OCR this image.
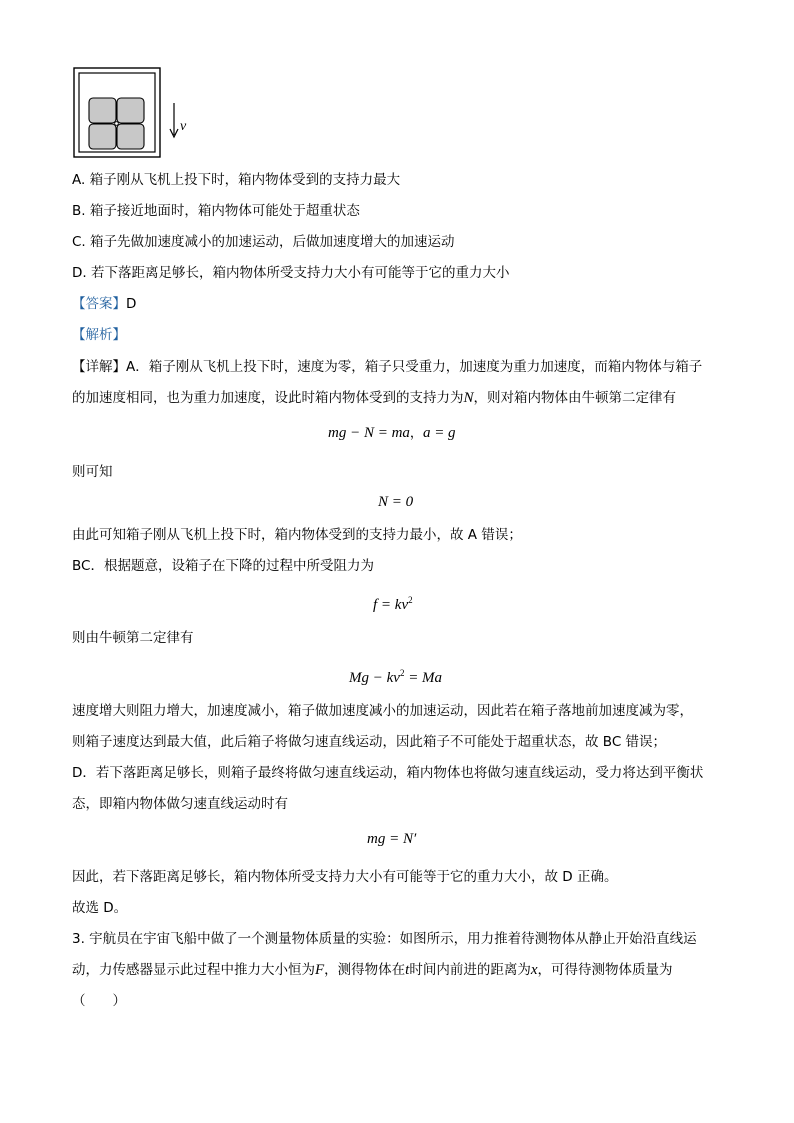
v
A. 箱子刚从飞机上投下时，箱内物体受到的支持力最大
B. 箱子接近地面时，箱内物体可能处于超重状态
C. 箱子先做加速度减小的加速运动，后做加速度增大的加速运动
D. 若下落距离足够长，箱内物体所受支持力大小有可能等于它的重力大小
【答案】D
【解析】
【详解】A．箱子刚从飞机上投下时，速度为零，箱子只受重力，加速度为重力加速度，而箱内物体与箱子
的加速度相同，也为重力加速度，设此时箱内物体受到的支持力为N，则对箱内物体由牛顿第二定律有
mg − N = ma，a = g
则可知
N = 0
由此可知箱子刚从飞机上投下时，箱内物体受到的支持力最小，故 A 错误；
BC．根据题意，设箱子在下降的过程中所受阻力为
$f = kv^2$
则由牛顿第二定律有
$Mg - kv^2 = Ma$
速度增大则阻力增大，加速度减小，箱子做加速度减小的加速运动，因此若在箱子落地前加速度减为零，
则箱子速度达到最大值，此后箱子将做匀速直线运动，因此箱子不可能处于超重状态，故 BC 错误；
D．若下落距离足够长，则箱子最终将做匀速直线运动，箱内物体也将做匀速直线运动，受力将达到平衡状
态，即箱内物体做匀速直线运动时有
mg = N′
因此，若下落距离足够长，箱内物体所受支持力大小有可能等于它的重力大小，故 D 正确。
故选 D。
3. 宇航员在宇宙飞船中做了一个测量物体质量的实验：如图所示，用力推着待测物体从静止开始沿直线运
动，力传感器显示此过程中推力大小恒为F，测得物体在t时间内前进的距离为x，可得待测物体质量为
（　　）
